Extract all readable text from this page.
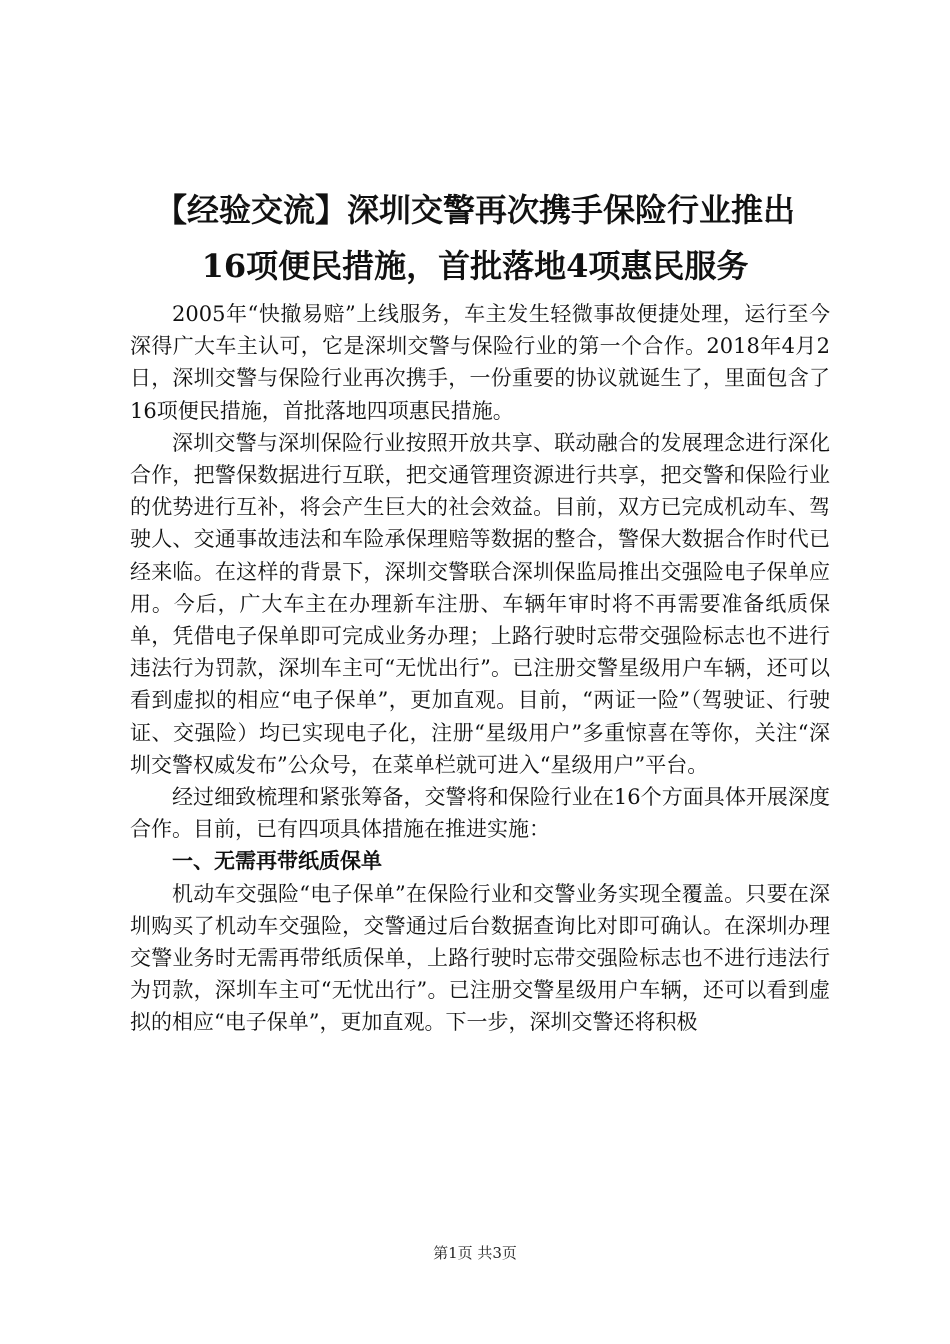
【经验交流】深圳交警再次携手保险行业推出
16项便民措施，首批落地4项惠民服务

2005年“快撤易赔”上线服务，车主发生轻微事故便捷处理，运行至今深得广大车主认可，它是深圳交警与保险行业的第一个合作。2018年4月2日，深圳交警与保险行业再次携手，一份重要的协议就诞生了，里面包含了16项便民措施，首批落地四项惠民措施。

深圳交警与深圳保险行业按照开放共享、联动融合的发展理念进行深化合作，把警保数据进行互联，把交通管理资源进行共享，把交警和保险行业的优势进行互补，将会产生巨大的社会效益。目前，双方已完成机动车、驾驶人、交通事故违法和车险承保理赔等数据的整合，警保大数据合作时代已经来临。在这样的背景下，深圳交警联合深圳保监局推出交强险电子保单应用。今后，广大车主在办理新车注册、车辆年审时将不再需要准备纸质保单，凭借电子保单即可完成业务办理；上路行驶时忘带交强险标志也不进行违法行为罚款，深圳车主可“无忧出行”。已注册交警星级用户车辆，还可以看到虚拟的相应“电子保单”，更加直观。目前，“两证一险”（驾驶证、行驶证、交强险）均已实现电子化，注册“星级用户”多重惊喜在等你，关注“深圳交警权威发布”公众号，在菜单栏就可进入“星级用户”平台。

经过细致梳理和紧张筹备，交警将和保险行业在16个方面具体开展深度合作。目前，已有四项具体措施在推进实施：

一、无需再带纸质保单

机动车交强险“电子保单”在保险行业和交警业务实现全覆盖。只要在深圳购买了机动车交强险，交警通过后台数据查询比对即可确认。在深圳办理交警业务时无需再带纸质保单，上路行驶时忘带交强险标志也不进行违法行为罚款，深圳车主可“无忧出行”。已注册交警星级用户车辆，还可以看到虚拟的相应“电子保单”，更加直观。下一步，深圳交警还将积极

第1页 共3页
